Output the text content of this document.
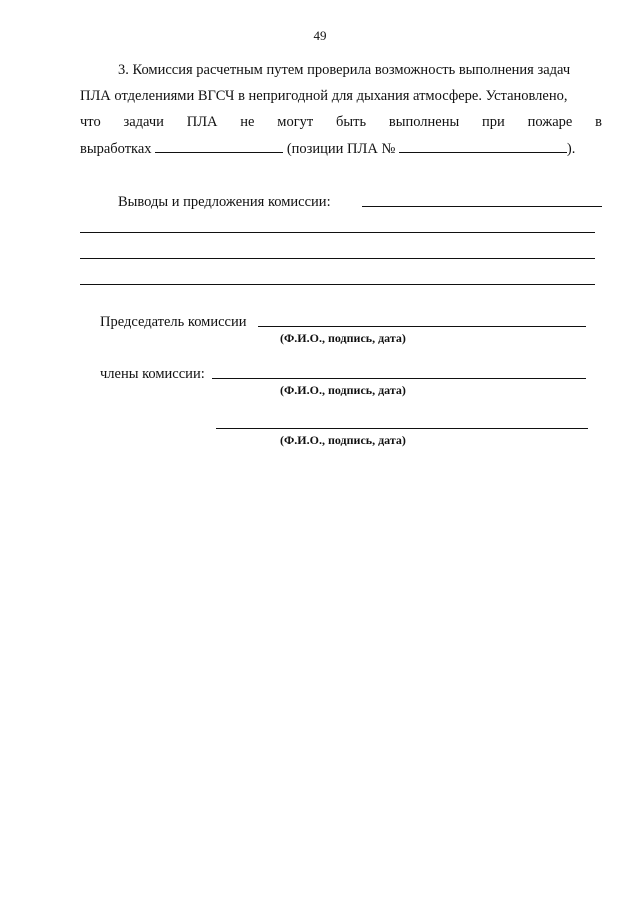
49
3. Комиссия расчетным путем проверила возможность выполнения задач
ПЛА отделениями ВГСЧ в непригодной для дыхания атмосфере. Установлено,
что задачи ПЛА не могут быть выполнены при пожаре в
выработках	(позиции ПЛА №	).
Выводы и предложения комиссии:
Председатель комиссии
(Ф.И.О., подпись, дата)
члены комиссии:
(Ф.И.О., подпись, дата)
(Ф.И.О., подпись, дата)
